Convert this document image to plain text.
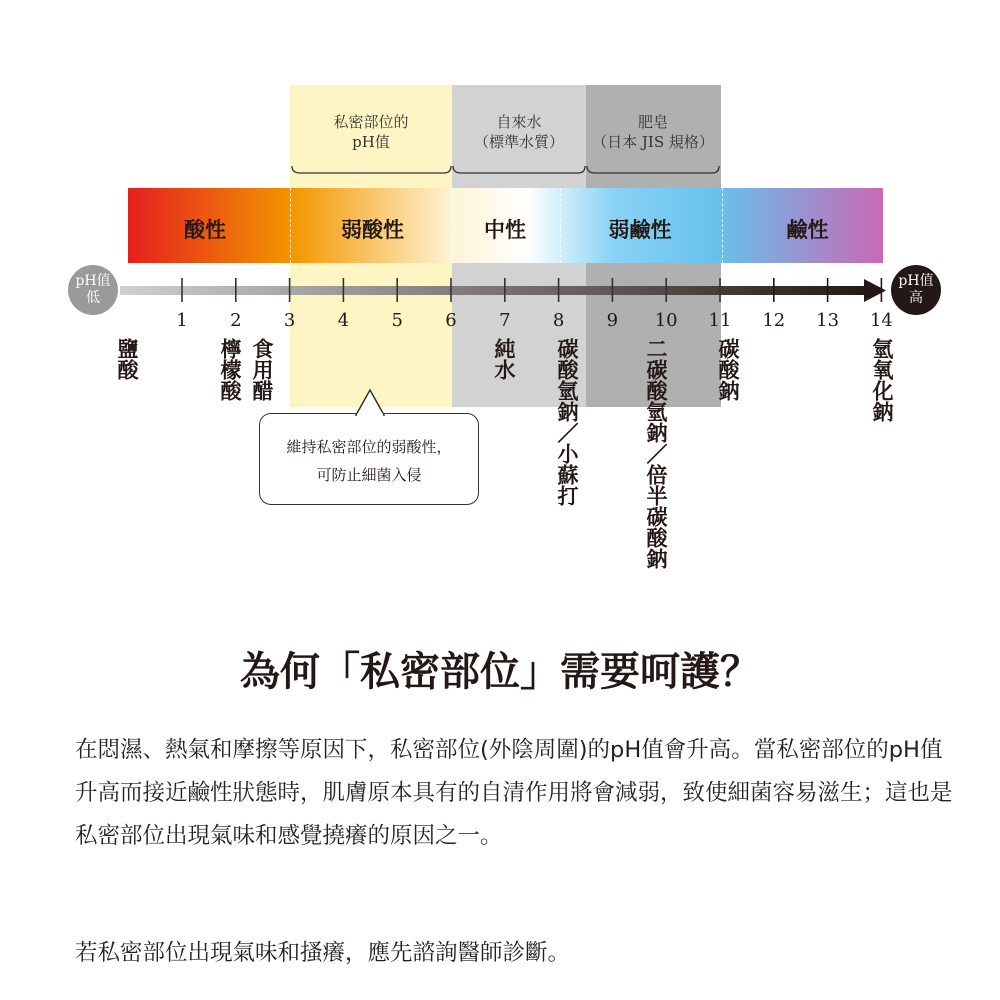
私密部位的
pH值
自來水
（標準水質）
肥皂
（日本 JIS 規格）
酸性	弱酸性	中性	弱鹼性	鹼性
pH值
低
pH值
高
1	2	3	4	5	6	7	8	9	10 11 12 13 14
鹽酸	檸檬酸 食用醋	純水 碳酸氫鈉／小蘇打	二碳酸氫鈉／倍半碳酸鈉 碳酸鈉	氫氧化鈉
維持私密部位的弱酸性，
可防止細菌入侵
為何「私密部位」需要呵護？

在悶濕、熱氣和摩擦等原因下，私密部位(外陰周圍)的pH值會升高。當私密部位的pH值升高而接近鹼性狀態時，肌膚原本具有的自清作用將會減弱，致使細菌容易滋生；這也是私密部位出現氣味和感覺撓癢的原因之一。

若私密部位出現氣味和搔癢，應先諮詢醫師診斷。
